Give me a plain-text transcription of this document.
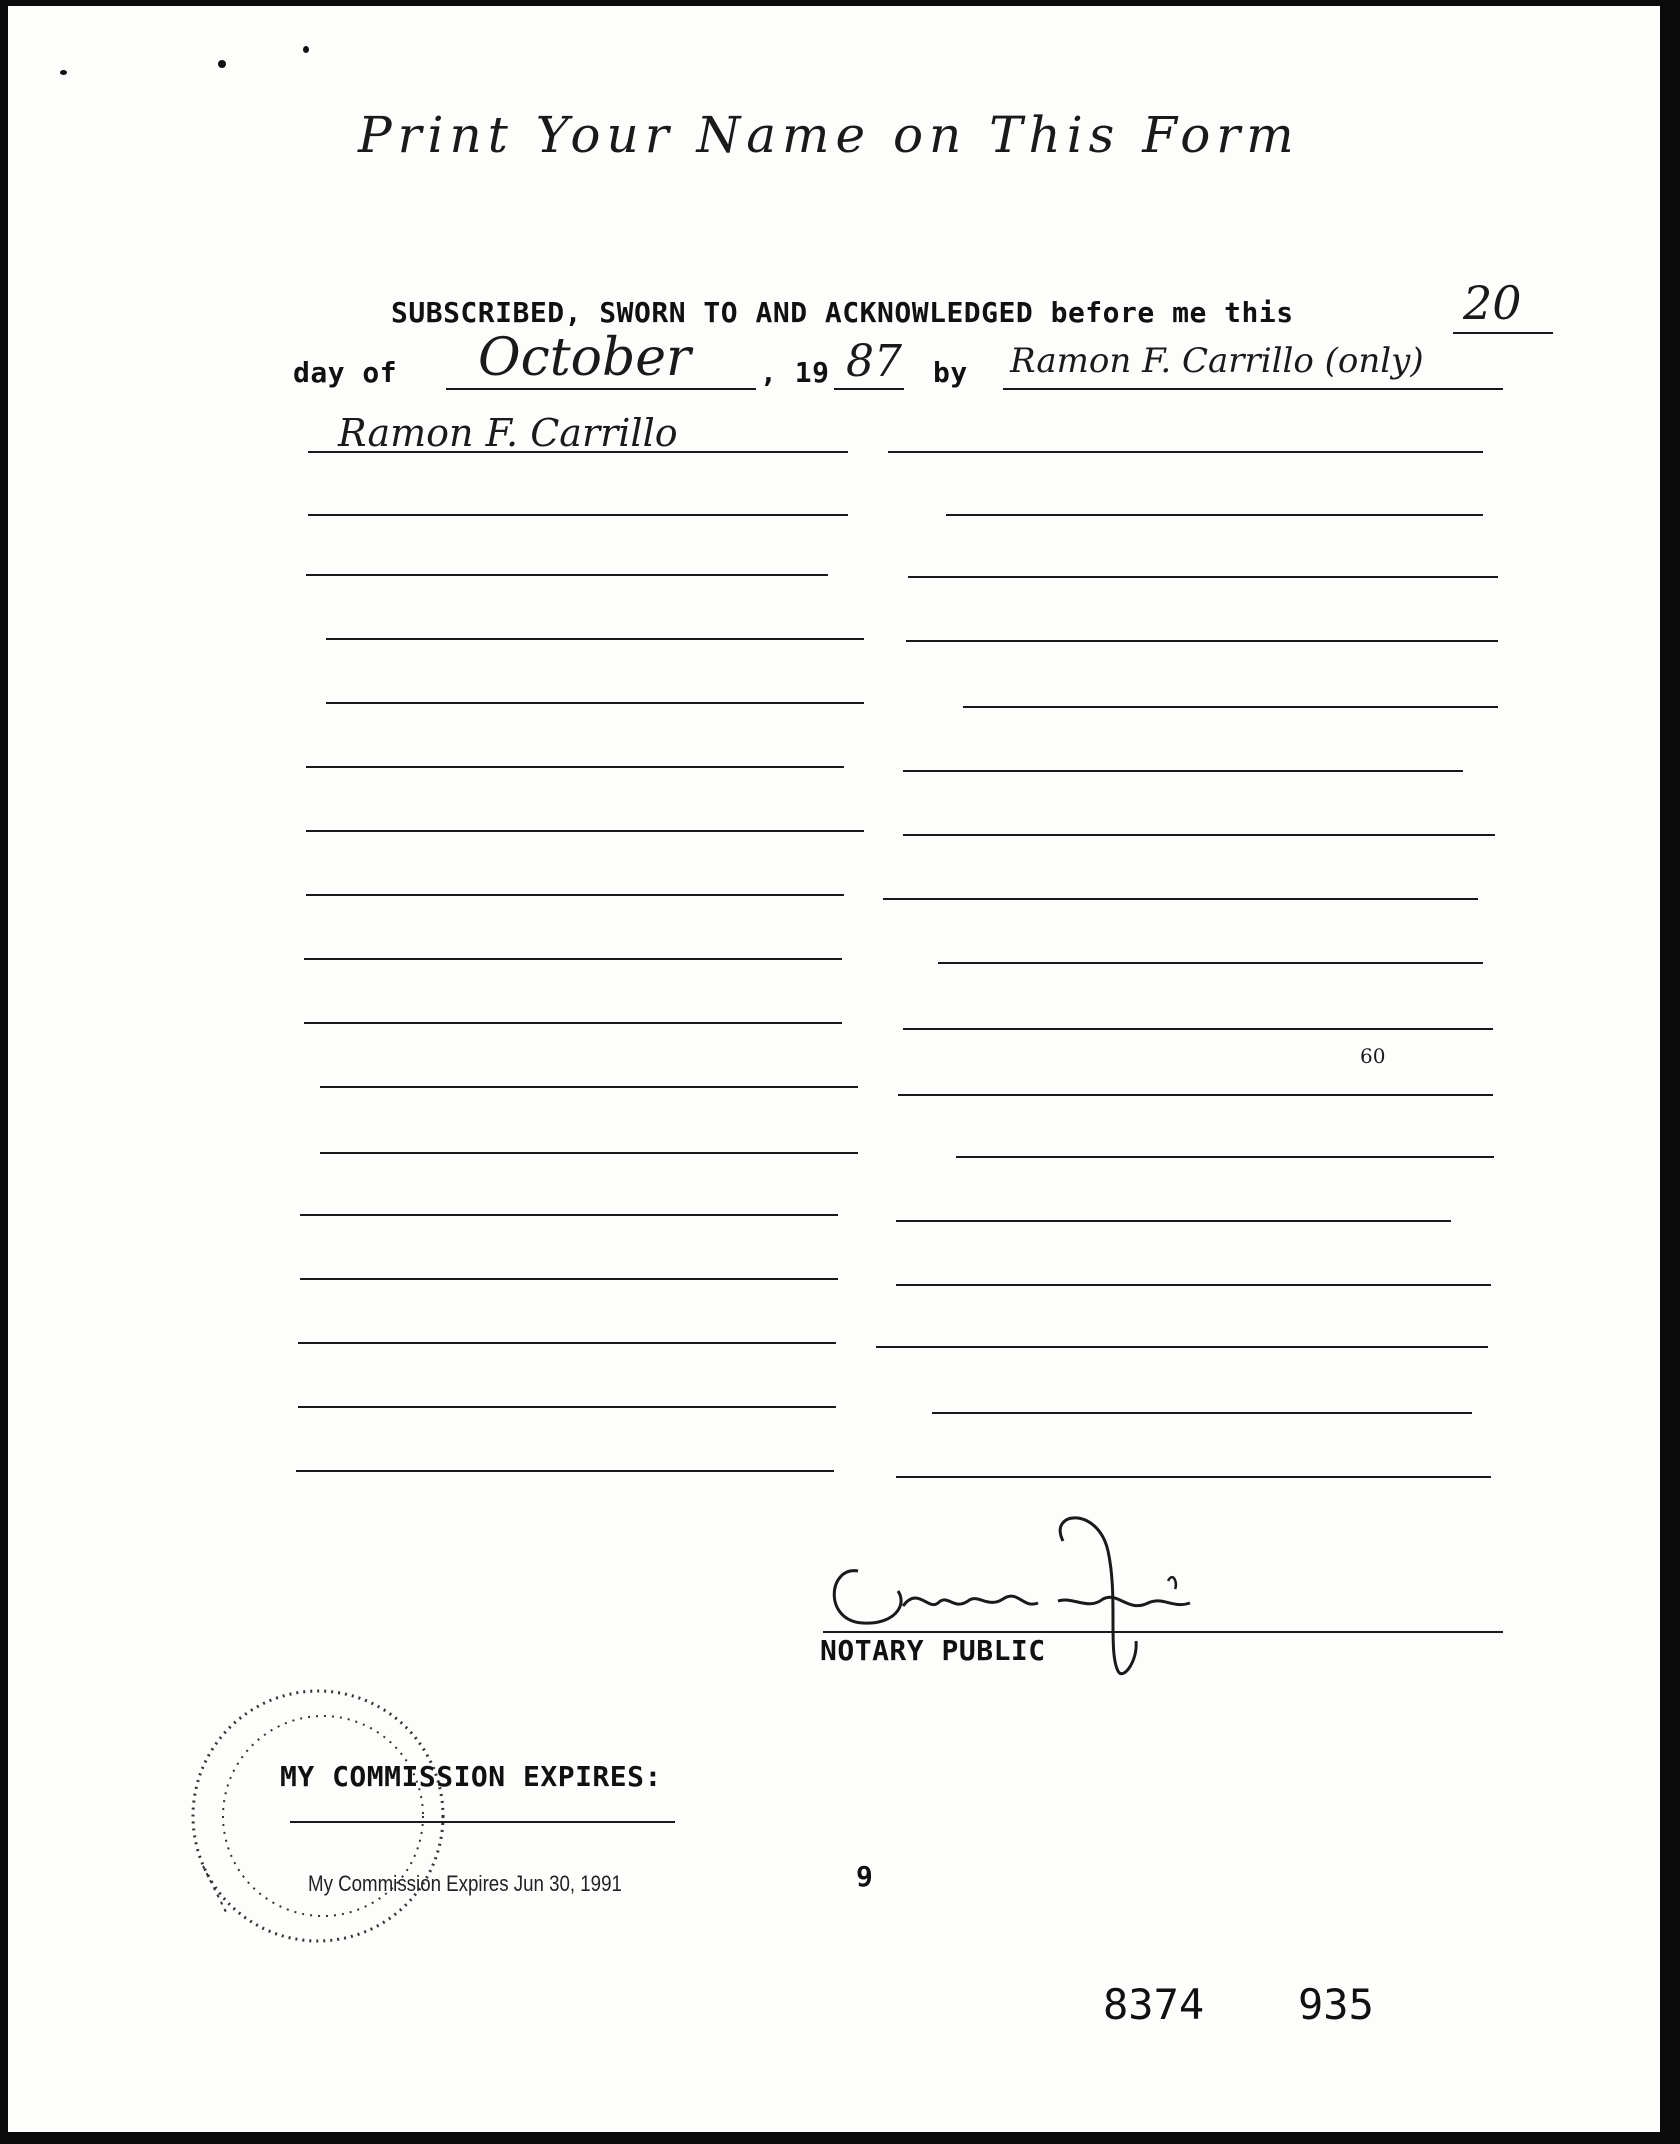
Print Your Name on This Form
SUBSCRIBED, SWORN TO AND ACKNOWLEDGED before me this	20
day of October , 19 87 by Ramon F. Carrillo (only)
Ramon F. Carrillo
60
NOTARY PUBLIC
MY COMMISSION EXPIRES:
My Commission Expires Jun 30, 1991	9
8374 935
